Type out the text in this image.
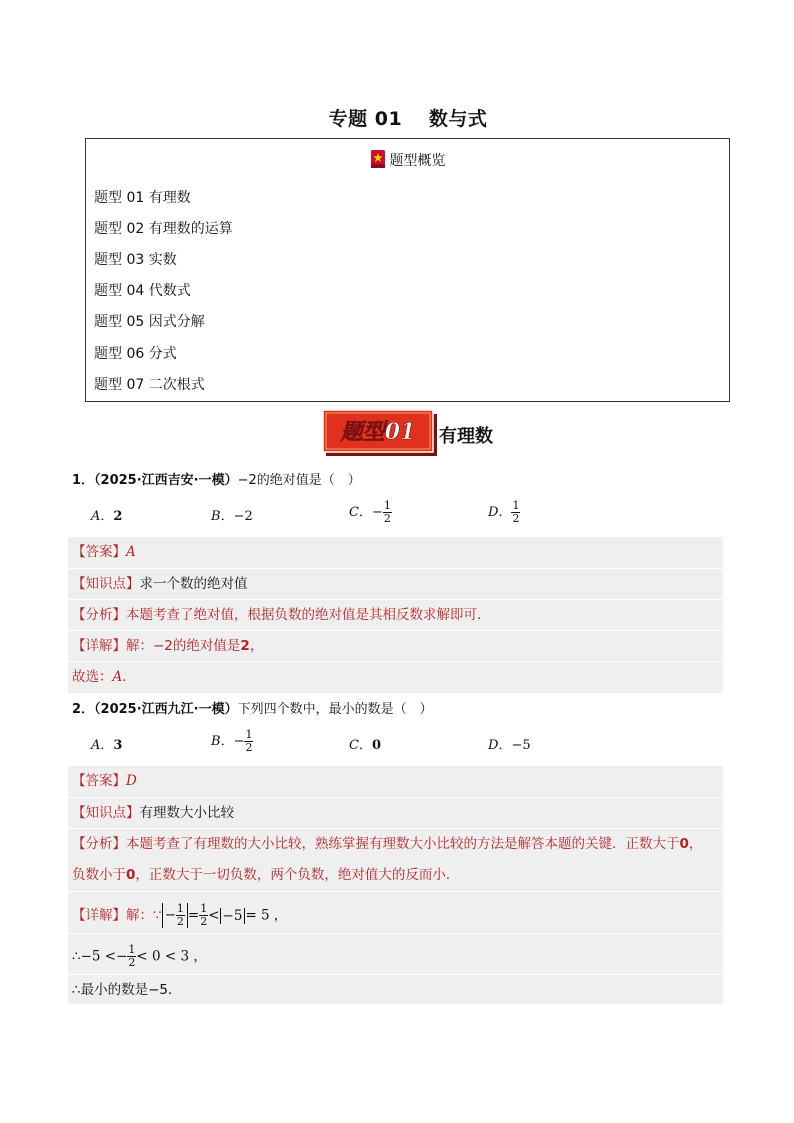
专题 01　 数与式
题型概览
题型 01 有理数
题型 02 有理数的运算
题型 03 实数
题型 04 代数式
题型 05 因式分解
题型 06 分式
题型 07 二次根式
题型01 有理数
1．（2025·江西吉安·一模）−2的绝对值是（　）
A．2	B．−2	C．− $\frac{1}{2}$	D． $\frac{1}{2}$
【答案】A
【知识点】求一个数的绝对值
【分析】本题考查了绝对值，根据负数的绝对值是其相反数求解即可．
【详解】解：−2的绝对值是2，
故选：A．
2．（2025·江西九江·一模）下列四个数中，最小的数是（　）
A．3	B．− $\frac{1}{2}$	C．0	D．−5
【答案】D
【知识点】有理数大小比较
【分析】本题考查了有理数的大小比较，熟练掌握有理数大小比较的方法是解答本题的关键．正数大于0，
负数小于0，正数大于一切负数，两个负数，绝对值大的反而小．
【详解】解：∵ − $\frac{1}{2} = \frac{1}{2} < -5 = 5$ ，
∴−5 <− $\frac{1}{2} < 0 < 3$ ，
∴最小的数是−5．
